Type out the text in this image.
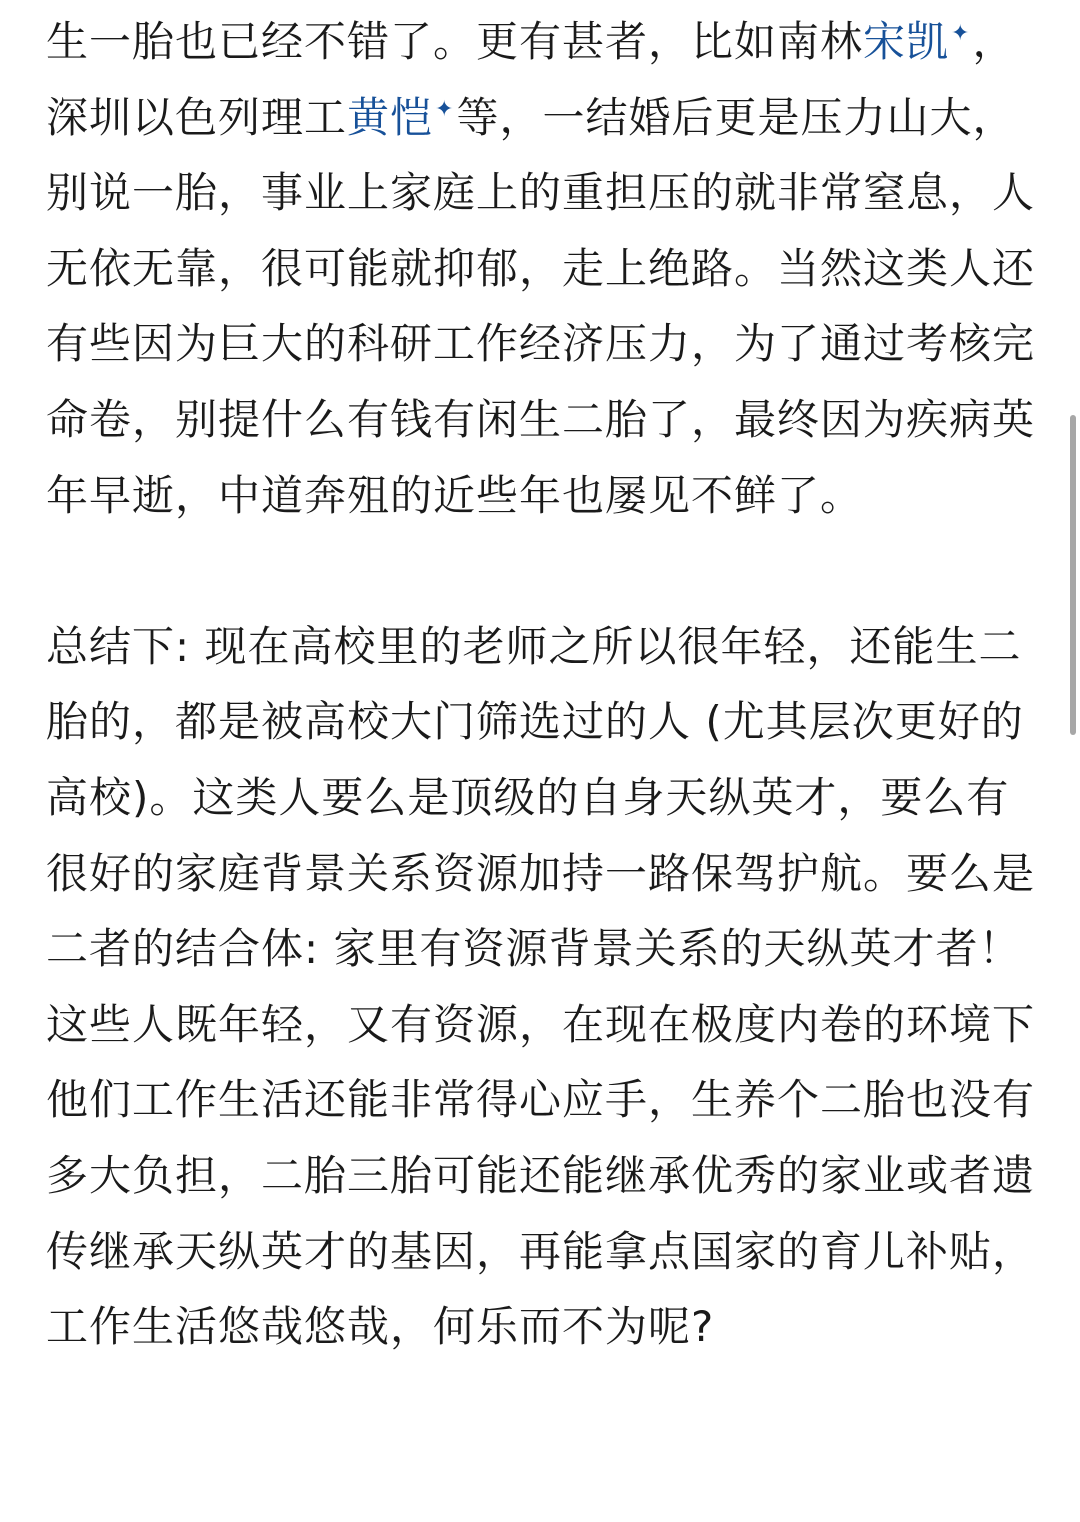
生一胎也已经不错了。更有甚者，比如南林宋凯✦，深圳以色列理工黄恺✦等，一结婚后更是压力山大，别说一胎，事业上家庭上的重担压的就非常窒息，人无依无靠，很可能就抑郁，走上绝路。当然这类人还有些因为巨大的科研工作经济压力，为了通过考核完命卷，别提什么有钱有闲生二胎了，最终因为疾病英年早逝，中道奔殂的近些年也屡见不鲜了。

总结下: 现在高校里的老师之所以很年轻，还能生二胎的，都是被高校大门筛选过的人 (尤其层次更好的高校)。这类人要么是顶级的自身天纵英才，要么有很好的家庭背景关系资源加持一路保驾护航。要么是二者的结合体: 家里有资源背景关系的天纵英才者！这些人既年轻，又有资源，在现在极度内卷的环境下他们工作生活还能非常得心应手，生养个二胎也没有多大负担，二胎三胎可能还能继承优秀的家业或者遗传继承天纵英才的基因，再能拿点国家的育儿补贴，工作生活悠哉悠哉，何乐而不为呢?
